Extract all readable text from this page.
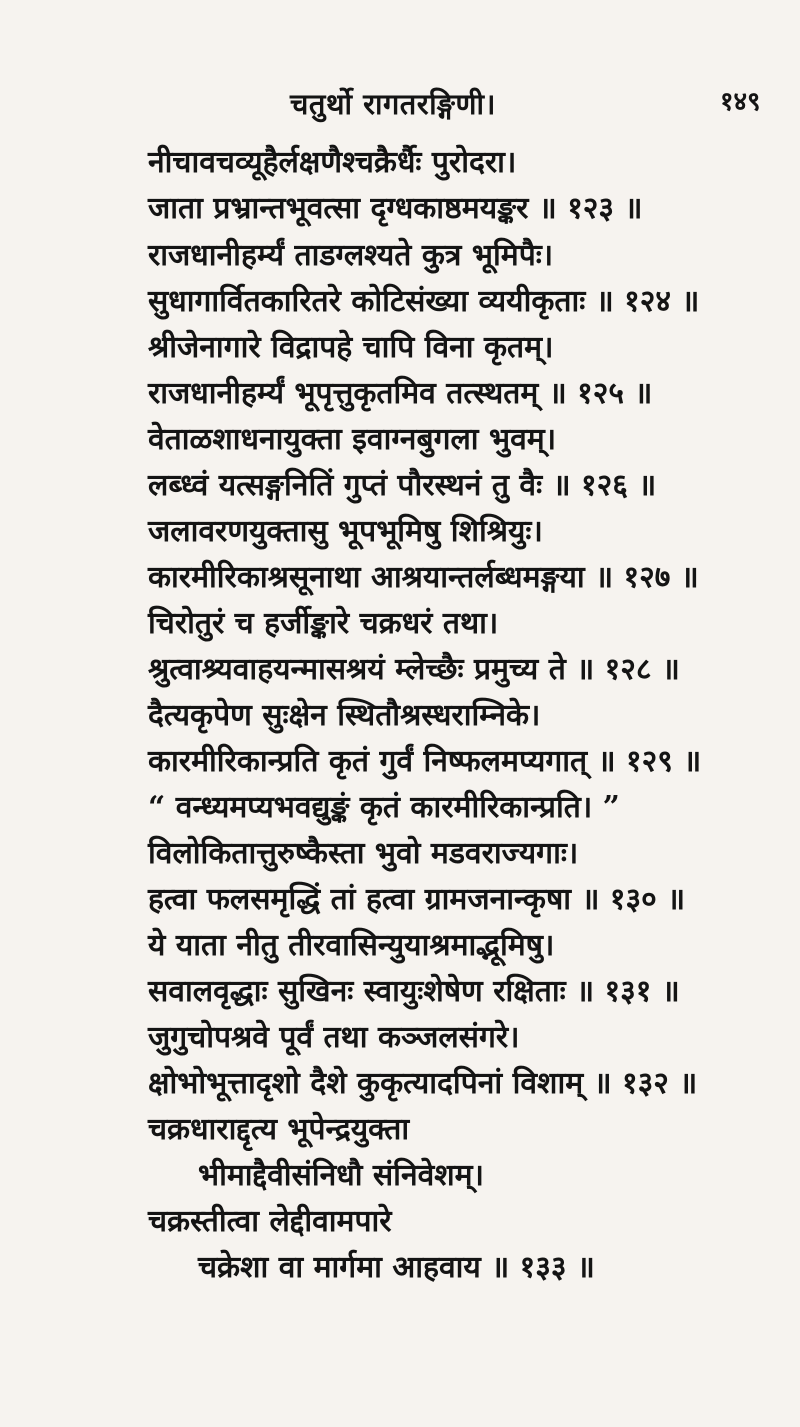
चतुर्थो रागतरङ्गिणी।	१४९
नीचावचव्यूहैर्लक्षणैश्चक्रैर्धैः पुरोदरा।
जाता प्रभ्रान्तभूवत्सा दृग्धकाष्ठमयङ्कर ॥ १२३ ॥
राजधानीहर्म्यं ताडग्लश्यते कुत्र भूमिपैः।
सुधागार्वितकारितरे कोटिसंख्या व्ययीकृताः ॥ १२४ ॥
श्रीजेनागारे विद्रापहे चापि विना कृतम्।
राजधानीहर्म्यं भूपृत्तुकृतमिव तत्स्थतम् ॥ १२५ ॥
वेताळशाधनायुक्ता इवाग्नबुगला भुवम्।
लब्ध्वं यत्सङ्गनितिं गुप्तं पौरस्थनं तु वैः ॥ १२६ ॥
जलावरणयुक्तासु भूपभूमिषु शिश्रियुः।
कारमीरिकाश्रसूनाथा आश्रयान्तर्लब्धमङ्गया ॥ १२७ ॥
चिरोतुरं च हर्जीङ्कारे चक्रधरं तथा।
श्रुत्वाश्र्यवाहयन्मासश्रयं म्लेच्छैः प्रमुच्य ते ॥ १२८ ॥
दैत्यकृपेण सुःक्षेन स्थितौश्रस्धराम्निके।
कारमीरिकान्प्रति कृतं गुर्वं निष्फलमप्यगात् ॥ १२९ ॥
“ वन्ध्यमप्यभवद्युङ्कं कृतं कारमीरिकान्प्रति। ”
विलोकितात्तुरुष्कैस्ता भुवो मडवराज्यगाः।
हत्वा फलसमृद्धिं तां हत्वा ग्रामजनान्कृषा ॥ १३० ॥
ये याता नीतु तीरवासिन्युयाश्रमाद्भूमिषु।
सवालवृद्धाः सुखिनः स्वायुःशेषेण रक्षिताः ॥ १३१ ॥
जुगुचोपश्रवे पूर्वं तथा कञ्जलसंगरे।
क्षोभोभूत्तादृशो दैशे कुकृत्यादपिनां विशाम् ॥ १३२ ॥
चक्रधाराद्दृत्य भूपेन्द्रयुक्ता
भीमाद्दैवीसंनिधौ संनिवेशम्।
चक्रस्तीत्वा लेद्दीवामपारे
चक्रेशा वा मार्गमा आहवाय ॥ १३३ ॥
